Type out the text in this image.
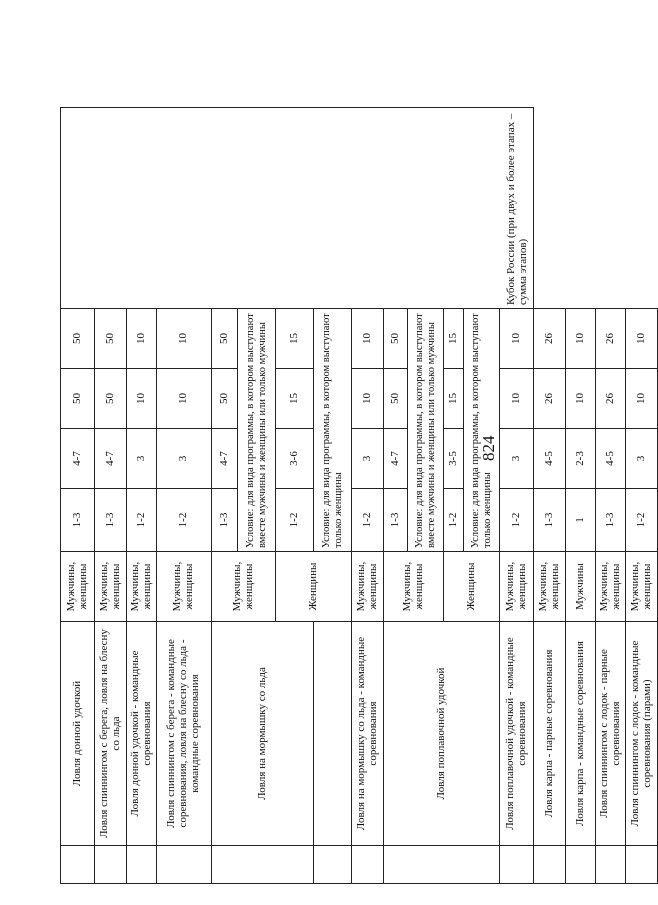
824
	Ловля донной удочкой	Мужчины, женщины	1-3	4-7	50	50	Кубок России (при двух и более этапах – сумма этапов)
	Ловля спиннингом с берега, ловля на блесну со льда	Мужчины, женщины	1-3	4-7	50	50	
	Ловля донной удочкой - командные соревнования	Мужчины, женщины	1-2	3	10	10	
	Ловля спиннингом с берега - командные соревнования, ловля на блесну со льда - командные соревнования	Мужчины, женщины	1-2	3	10	10	
	Ловля на мормышку со льда	Мужчины, женщины	1-3	4-7	50	50	
			Условие: для вида программы, в котором выступают вместе мужчины и женщины или только мужчины				
		Женщины	1-2	3-6	15	15	
			Условие: для вида программы, в котором выступают только женщины				
	Ловля на мормышку со льда - командные соревнования	Мужчины, женщины	1-2	3	10	10	
	Ловля поплавочной удочкой	Мужчины, женщины	1-3	4-7	50	50	
			Условие: для вида программы, в котором выступают вместе мужчины и женщины или только мужчины				
		Женщины	1-2	3-5	15	15	
			Условие: для вида программы, в котором выступают только женщины				
	Ловля поплавочной удочкой - командные соревнования	Мужчины, женщины	1-2	3	10	10	
	Ловля карпа - парные соревнования	Мужчины, женщины	1-3	4-5	26	26	
	Ловля карпа - командные соревнования	Мужчины	1	2-3	10	10	
	Ловля спиннингом с лодок - парные соревнования	Мужчины, женщины	1-3	4-5	26	26	
	Ловля спиннингом с лодок - командные соревнования (парами)	Мужчины, женщины	1-2	3	10	10	
